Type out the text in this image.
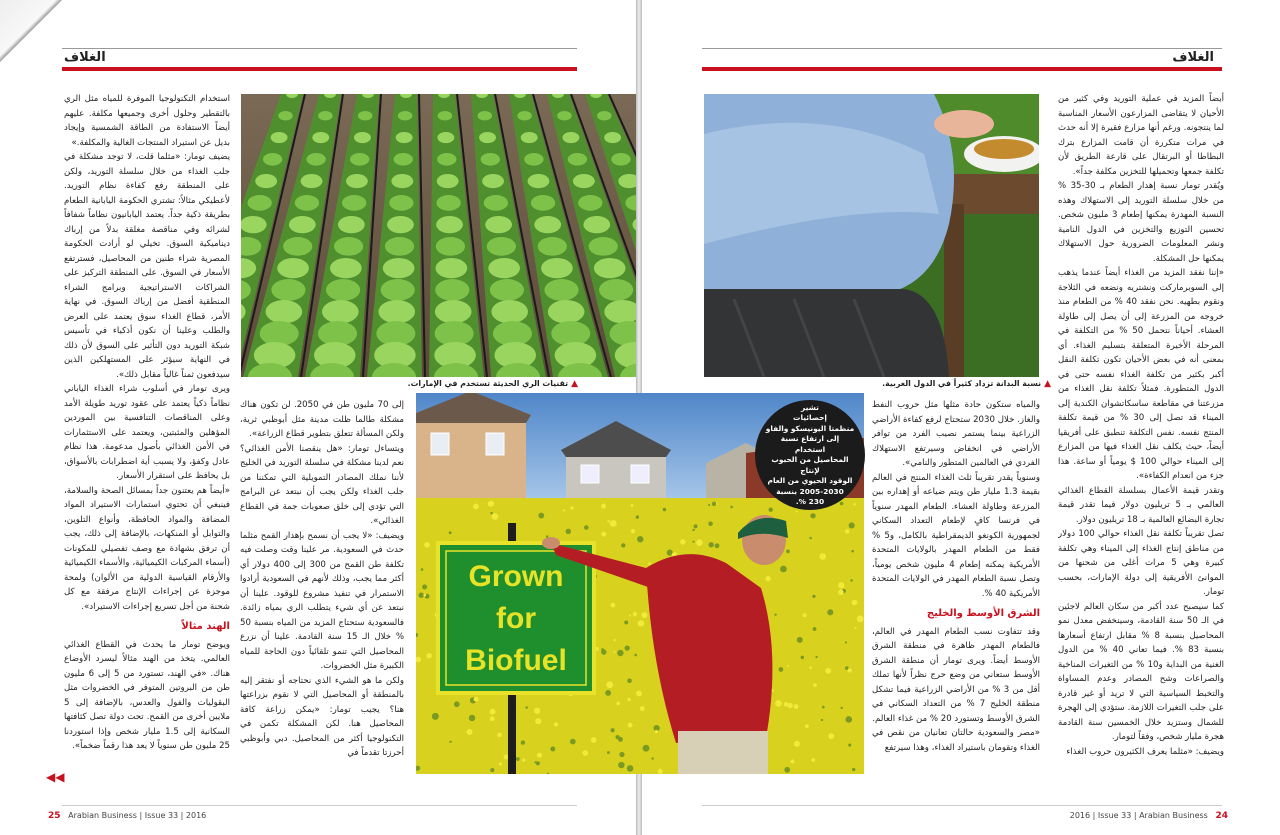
الغلاف

استخدام التكنولوجيا الموفرة للمياه مثل الري بالتقطير وحلول أخرى وجميعها مكلفة. عليهم أيضاً الاستفادة من الطاقة الشمسية وإيجاد بديل عن استيراد المنتجات الغالية والمكلفة.»

يضيف تومار: «مثلما قلت، لا توجد مشكلة في جلب الغذاء من خلال سلسلة التوريد، ولكن على المنطقة رفع كفاءة نظام التوريد. لأعطيكي مثالاً: تشتري الحكومة اليابانية الطعام بطريقة ذكية جداً. يعتمد اليابانيون نظاماً شفافاً لشرائه وفي مناقصة مغلقة بدلاً من إرباك ديناميكية السوق. تخيلي لو أرادت الحكومة المصرية شراء طنين من المحاصيل، فسترتفع الأسعار في السوق. على المنطقة التركيز على الشراكات الاستراتيجية وبرامج الشراء المنطقية أفضل من إرباك السوق. في نهاية الأمر، قطاع الغذاء سوق يعتمد على العرض والطلب وعلينا أن نكون أذكياء في تأسيس شبكة التوريد دون التأثير على السوق لأن ذلك في النهاية سيؤثر على المستهلكين الذين سيدفعون ثمناً غالياً مقابل ذلك».

ويرى تومار في أسلوب شراء الغذاء الياباني نظاماً ذكياً يعتمد على عقود توريد طويلة الأمد وعلى المناقصات التنافسية بين الموردين المؤهلين والمثبتين، ويعتمد على الاستثمارات في الأمن الغذائي بأصول مدعومة. هذا نظام عادل وكفؤ، ولا يسبب أية اضطرابات بالأسواق، بل يحافظ على استقرار الأسعار.

«أيضاً هم يعتنون جداً بمسائل الصحة والسلامة، فينبغي أن تحتوي استمارات الاستيراد المواد المضافة والمواد الحافظة، وأنواع التلوين، والتوابل أو المنكهات، بالإضافة إلى ذلك، يجب أن ترفق بشهادة مع وصف تفصيلي للمكونات (أسماء المركبات الكيميائية، والأسماء الكيميائية والأرقام القياسية الدولية من الألوان) ولمحة موجزة عن إجراءات الإنتاج مرفقة مع كل شحنة من أجل تسريع إجراءات الاستيراد».

الهند مثالاً

ويوضح تومار ما يحدث في القطاع الغذائي العالمي. يتخذ من الهند مثالاً ليسرد الأوضاع هناك. «في الهند، تستورد من 5 إلى 6 مليون طن من البروتين المتوفر في الخضروات مثل البقوليات والفول والعدس، بالإضافة إلى 5 ملايين أخرى من القمح. تحت دولة تصل كثافتها السكانية إلى 1.5 مليار شخص وإذا استوردنا 25 مليون طن سنوياً لا يعد هذا رقماً ضخماً».

▲تقنيات الري الحديثة تستخدم في الإمارات.

إلى 70 مليون طن في 2050. لن تكون هناك مشكلة طالما ظلت مدينة مثل أبوظبي ثرية، ولكن المسألة تتعلق بتطوير قطاع الزراعة».

ويتساءل تومار: «هل ينقصنا الأمن الغذائي؟ نعم لدينا مشكلة في سلسلة التوريد في الخليج لأننا نملك المصادر التمويلية التي تمكننا من جلب الغذاء ولكن يجب أن نبتعد عن البرامج التي تؤدي إلى خلق صعوبات جمة في القطاع الغذائي».

ويضيف: «لا يجب أن نسمح بإهدار القمح مثلما حدث في السعودية. مر علينا وقت وصلت فيه تكلفة طن القمح من 300 إلى 400 دولار أي أكثر مما يجب، وذلك لأنهم في السعودية أرادوا الاستمرار في تنفيذ مشروع للوقود. علينا أن نبتعد عن أي شيء يتطلب الري بمياه زائدة. فالسعودية ستحتاج المزيد من المياه بنسبة 50 % خلال الـ 15 سنة القادمة. علينا أن نزرع المحاصيل التي تنمو تلقائياً دون الحاجة للمياه الكبيرة مثل الخضروات.

ولكن ما هو الشيء الذي نحتاجه أو نفتقر إليه بالمنطقة أو المحاصيل التي لا نقوم بزراعتها هنا؟ يجيب تومار: «يمكن زراعة كافة المحاصيل هنا. لكن المشكلة تكمن في التكنولوجيا أكثر من المحاصيل. دبي وأبوظبي أحرزتا تقدماً في

◀◀
25 Arabian Business | Issue 33 | 2016
الغلاف
▲نسبة البدانة تزداد كثيراً في الدول الغربية.

أيضاً المزيد في عملية التوريد وفي كثير من الأحيان لا يتقاضى المزارعون الأسعار المناسبة لما ينتجونه. ورغم أنها مزارع فقيرة إلا أنه حدث في مرات متكررة أن قامت المزارع بترك البطاطا أو البرتقال على قارعة الطريق لأن تكلفة جمعها وتحميلها للتخزين مكلفة جداً».

ويُقدر تومار نسبة إهدار الطعام بـ 30-35 % من خلال سلسلة التوريد إلى الاستهلاك وهذه النسبة المهدرة يمكنها إطعام 3 مليون شخص. تحسين التوزيع والتخزين في الدول النامية ونشر المعلومات الضرورية حول الاستهلاك يمكنها حل المشكلة.

«إننا نفقد المزيد من الغذاء أيضاً عندما يذهب إلى السوبرماركت ونشتريه ونضعه في الثلاجة ونقوم بطهيه. نحن نفقد 40 % من الطعام منذ خروجه من المزرعة إلى أن يصل إلى طاولة العشاء. أحياناً نتحمل 50 % من التكلفة في المرحلة الأخيرة المتعلقة بتسليم الغذاء. أي بمعنى أنه في بعض الأحيان تكون تكلفة النقل أكبر بكثير من تكلفة الغذاء نفسه حتى في الدول المتطورة. فمثلاً تكلفة نقل الغذاء من مزرعتنا في مقاطعة ساسكاتشوان الكندية إلى الميناء قد تصل إلى 30 % من قيمة تكلفة المنتج نفسه. نفس التكلفة تنطبق على أفريقيا أيضاً، حيث يكلف نقل الغذاء فيها من المزارع إلى الميناء حوالي 100 $ يومياً أو ساعة. هذا جزء من انعدام الكفاءة».

وتقدر قيمة الأعمال بسلسلة القطاع الغذائي العالمي بـ 5 تريليون دولار فيما تقدر قيمة تجارة البضائع العالمية بـ 18 تريليون دولار.

تصل تقريباً تكلفة نقل الغذاء حوالي 100 دولار من مناطق إنتاج الغذاء إلى الميناء وهي تكلفة كبيرة وهي 5 مرات أغلى من شحنها من الموانئ الأفريقية إلى دولة الإمارات، بحسب تومار.

كما سيصبح عدد أكبر من سكان العالم لاجئين في الـ 50 سنة القادمة، وسينخفض معدل نمو المحاصيل بنسبة 8 % مقابل ارتفاع أسعارها بنسبة 83 %. فيما تعاني 40 % من الدول الغنية من البداية و10 % من التغيرات المناخية والصراعات وشح المصادر وعدم المساواة والتخبط السياسية التي لا تريد أو غير قادرة على جلب التغيرات اللازمة. ستؤدي إلى الهجرة للشمال وستزيد خلال الخمسين سنة القادمة هجرة مليار شخص، وفقاً لتومار.

ويضيف: «مثلما يعرف الكثيرون حروب الغذاء

والمياه ستكون حادة مثلها مثل حروب النفط والغاز. خلال 2030 ستحتاج لرفع كفاءة الأراضي الزراعية بينما يستمر نصيب الفرد من توافر الأراضي في انخفاض وسيرتفع الاستهلاك الفردي في العالمين المتطور والنامي».

وسنوياً يقدر تقريباً ثلث الغذاء المنتج في العالم بقيمة 1.3 مليار طن ويتم ضياعه أو إهداره بين المزرعة وطاولة العشاء. الطعام المهدر سنوياً في فرنسا كافٍ لإطعام التعداد السكاني لجمهورية الكونغو الديمقراطية بالكامل، و5 % فقط من الطعام المهدر بالولايات المتحدة الأمريكية يمكنه إطعام 4 مليون شخص يومياً، وتصل نسبة الطعام المهدر في الولايات المتحدة الأمريكية 40 %.

الشرق الأوسط والخليج

وقد تتفاوت نسب الطعام المهدر في العالم، فالطعام المهدر ظاهرة في منطقة الشرق الأوسط أيضاً. ويرى تومار أن منطقة الشرق الأوسط ستعاني من وضع حرج نظراً لأنها تملك أقل من 3 % من الأراضي الزراعية فيما تشكل منطقة الخليج 7 % من التعداد السكاني في الشرق الأوسط وتستورد 20 % من غذاء العالم.

«مصر والسعودية حالتان تعانيان من نقص في الغذاء وتقومان باستيراد الغذاء، وهذا سيرتفع

2016 | Issue 33 | Arabian Business 24
Grown
for
Biofuel
تشير
إحصائيات
منظمتا اليونيسكو والفاو
إلى ارتفاع نسبة استخدام
المحاصيل من الحبوب لإنتاج
الوقود الحيوي من العام
2005-2030 بنسبة
230 %.
